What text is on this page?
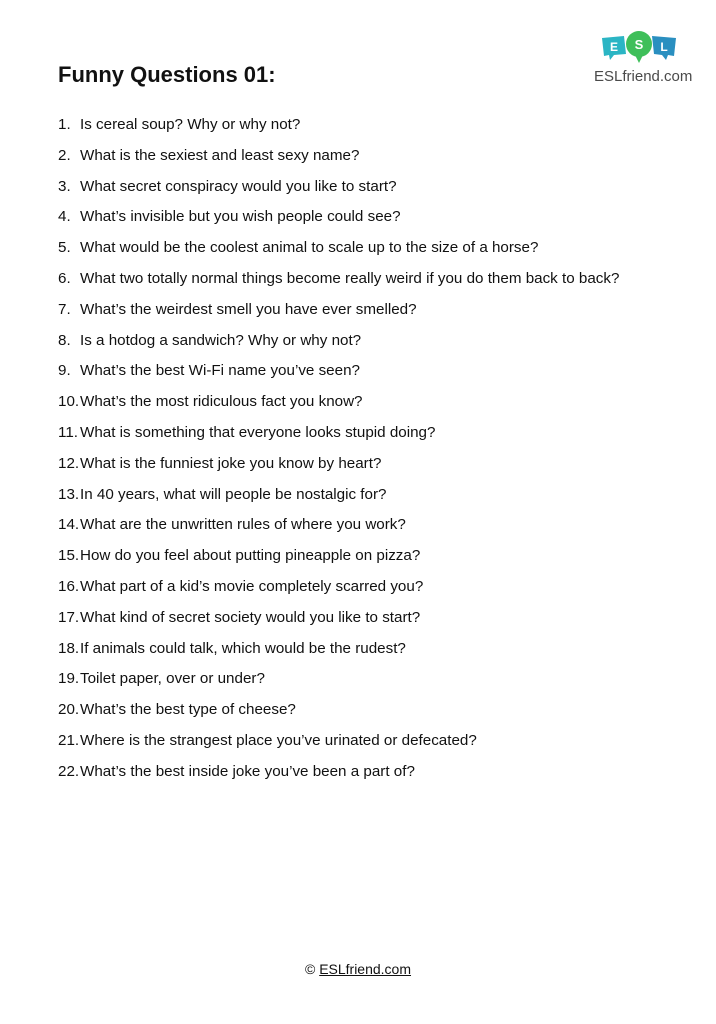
Funny Questions 01:
E S L
ESLfriend.com
1. Is cereal soup? Why or why not?
2. What is the sexiest and least sexy name?
3. What secret conspiracy would you like to start?
4. What’s invisible but you wish people could see?
5. What would be the coolest animal to scale up to the size of a horse?
6. What two totally normal things become really weird if you do them back to back?
7. What’s the weirdest smell you have ever smelled?
8. Is a hotdog a sandwich? Why or why not?
9. What’s the best Wi-Fi name you’ve seen?
10. What’s the most ridiculous fact you know?
11. What is something that everyone looks stupid doing?
12. What is the funniest joke you know by heart?
13. In 40 years, what will people be nostalgic for?
14. What are the unwritten rules of where you work?
15. How do you feel about putting pineapple on pizza?
16. What part of a kid’s movie completely scarred you?
17. What kind of secret society would you like to start?
18. If animals could talk, which would be the rudest?
19. Toilet paper, over or under?
20. What’s the best type of cheese?
21. Where is the strangest place you’ve urinated or defecated?
22. What’s the best inside joke you’ve been a part of?
© ESLfriend.com
